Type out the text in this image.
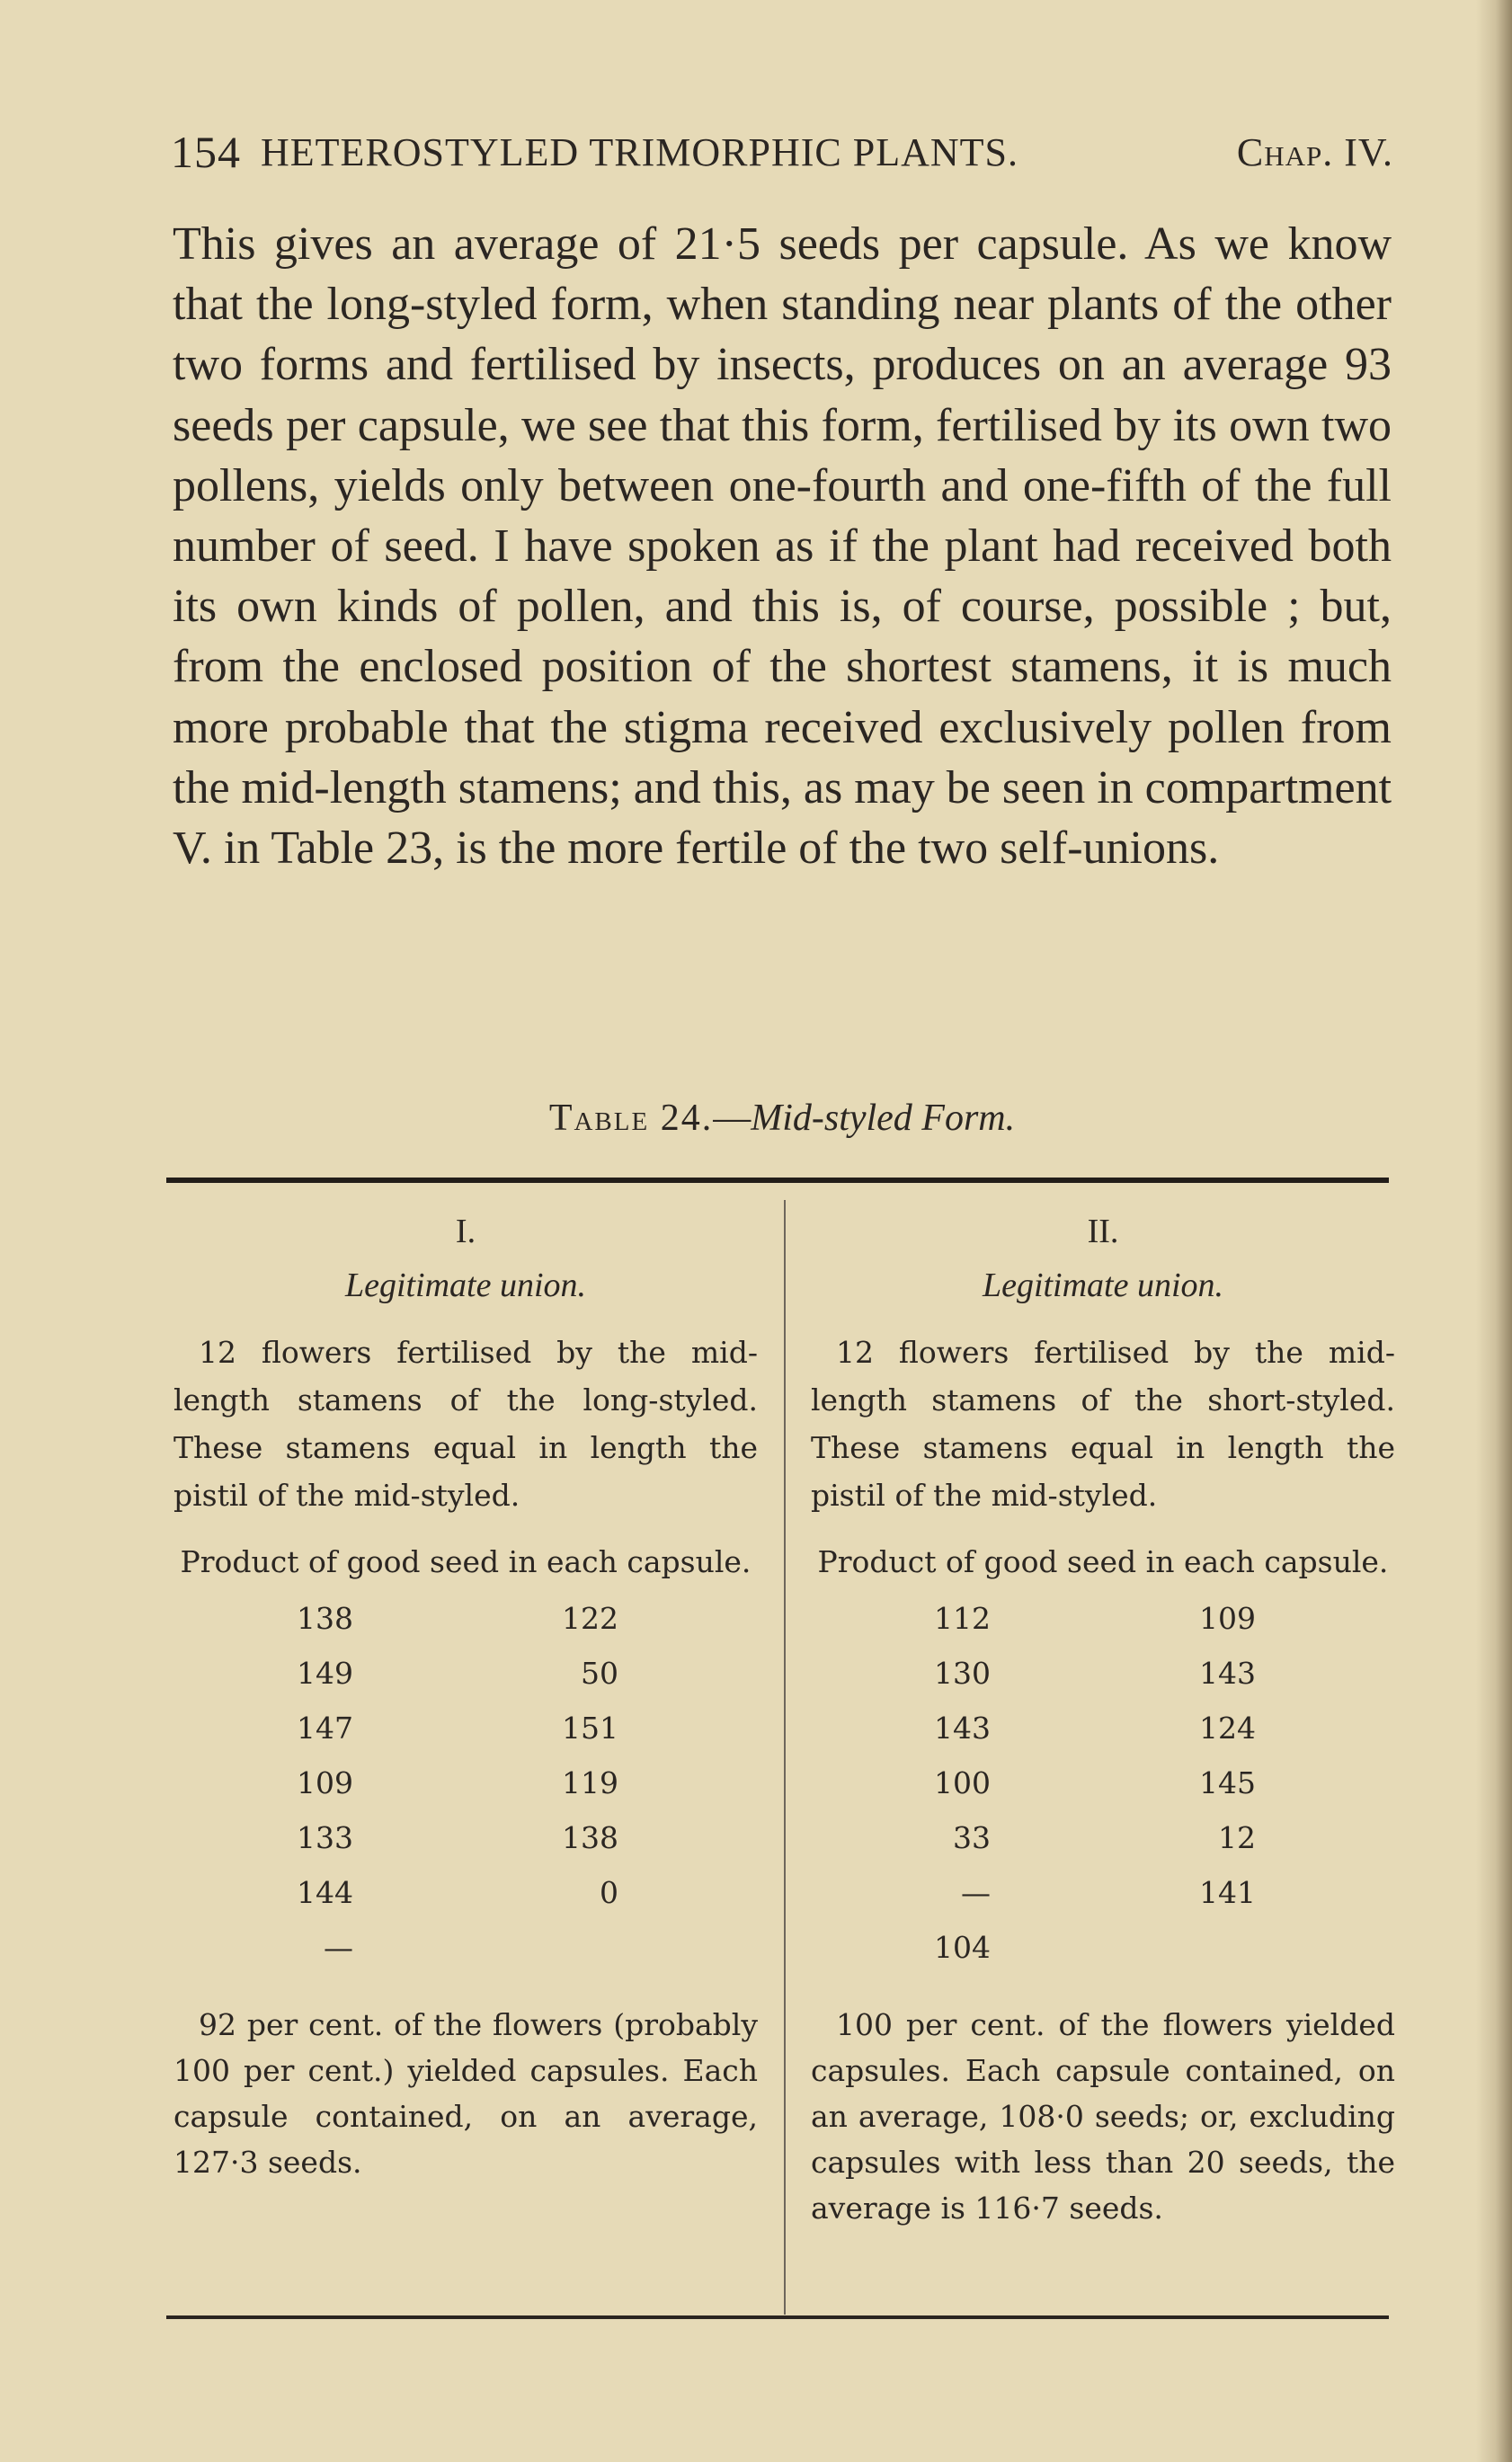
154 HETEROSTYLED TRIMORPHIC PLANTS.	Chap. IV.

This gives an average of 21·5 seeds per capsule. As we know that the long-styled form, when standing near plants of the other two forms and fertilised by insects, produces on an average 93 seeds per capsule, we see that this form, fertilised by its own two pollens, yields only between one-fourth and one-fifth of the full number of seed. I have spoken as if the plant had received both its own kinds of pollen, and this is, of course, possible ; but, from the enclosed position of the shortest stamens, it is much more probable that the stigma received exclusively pollen from the mid-length stamens; and this, as may be seen in compartment V. in Table 23, is the more fertile of the two self-unions.

Table 24.—Mid-styled Form.
I.
Legitimate union.
12 flowers fertilised by the mid-length stamens of the long-styled. These stamens equal in length the pistil of the mid-styled.
Product of good seed in each capsule.
138	122
149	50
147	151
109	119
133	138
144	0
—
92 per cent. of the flowers (probably 100 per cent.) yielded capsules. Each capsule contained, on an average, 127·3 seeds.
II.
Legitimate union.
12 flowers fertilised by the mid-length stamens of the short-styled. These stamens equal in length the pistil of the mid-styled.
Product of good seed in each capsule.
112	109
130	143
143	124
100	145
33	12
—	141
104
100 per cent. of the flowers yielded capsules. Each capsule contained, on an average, 108·0 seeds; or, excluding capsules with less than 20 seeds, the average is 116·7 seeds.
